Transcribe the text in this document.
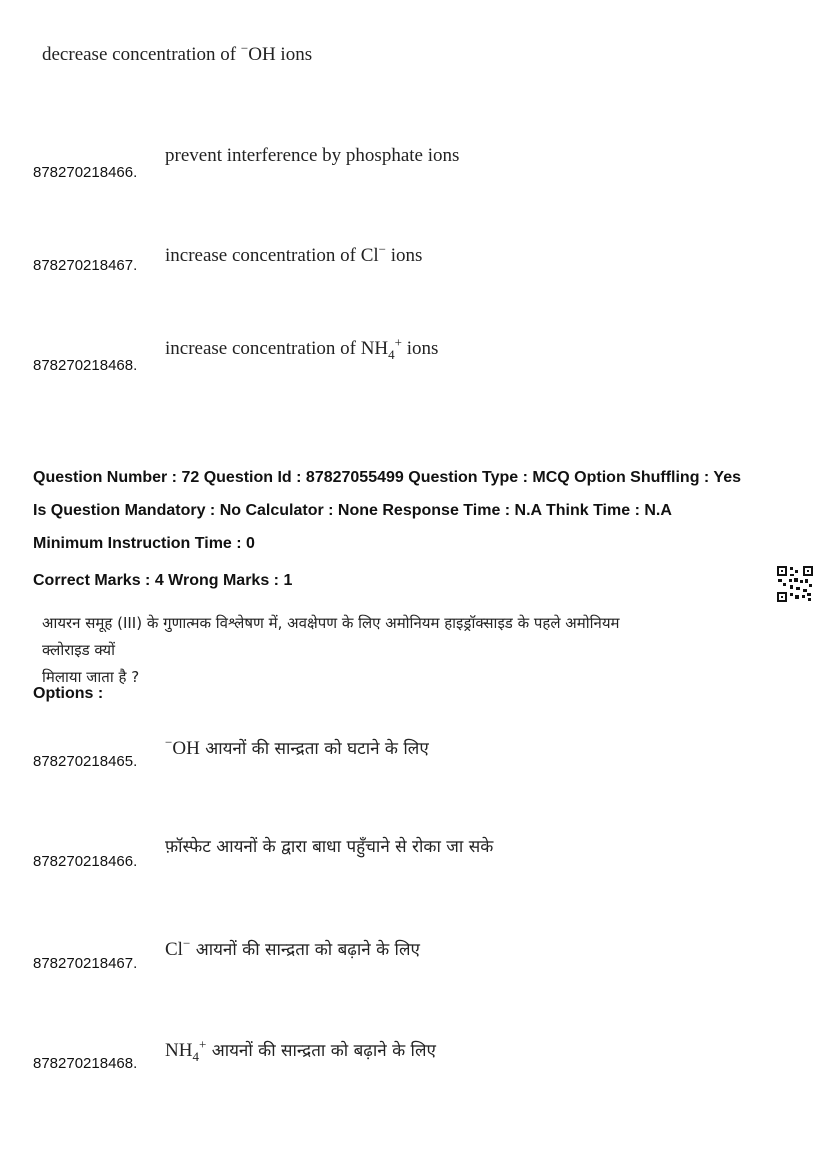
decrease concentration of −OH ions
878270218466.
prevent interference by phosphate ions
878270218467. increase concentration of Cl− ions
878270218468.
increase concentration of $NH_4^+$ ions
Question Number : 72 Question Id : 87827055499 Question Type : MCQ Option Shuffling : Yes
Is Question Mandatory : No Calculator : None Response Time : N.A Think Time : N.A
Minimum Instruction Time : 0
Correct Marks : 4 Wrong Marks : 1
आयरन समूह (III) के गुणात्मक विश्लेषण में, अवक्षेपण के लिए अमोनियम हाइड्रॉक्साइड के पहले अमोनियम क्लोराइड क्यों
मिलाया जाता है ?
Options :
878270218465.
−OH आयनों की सान्द्रता को घटाने के लिए
878270218466.
फ़ॉस्फेट आयनों के द्वारा बाधा पहुँचाने से रोका जा सके
878270218467.
Cl− आयनों की सान्द्रता को बढ़ाने के लिए
878270218468.
$NH_4^+$ आयनों की सान्द्रता को बढ़ाने के लिए
